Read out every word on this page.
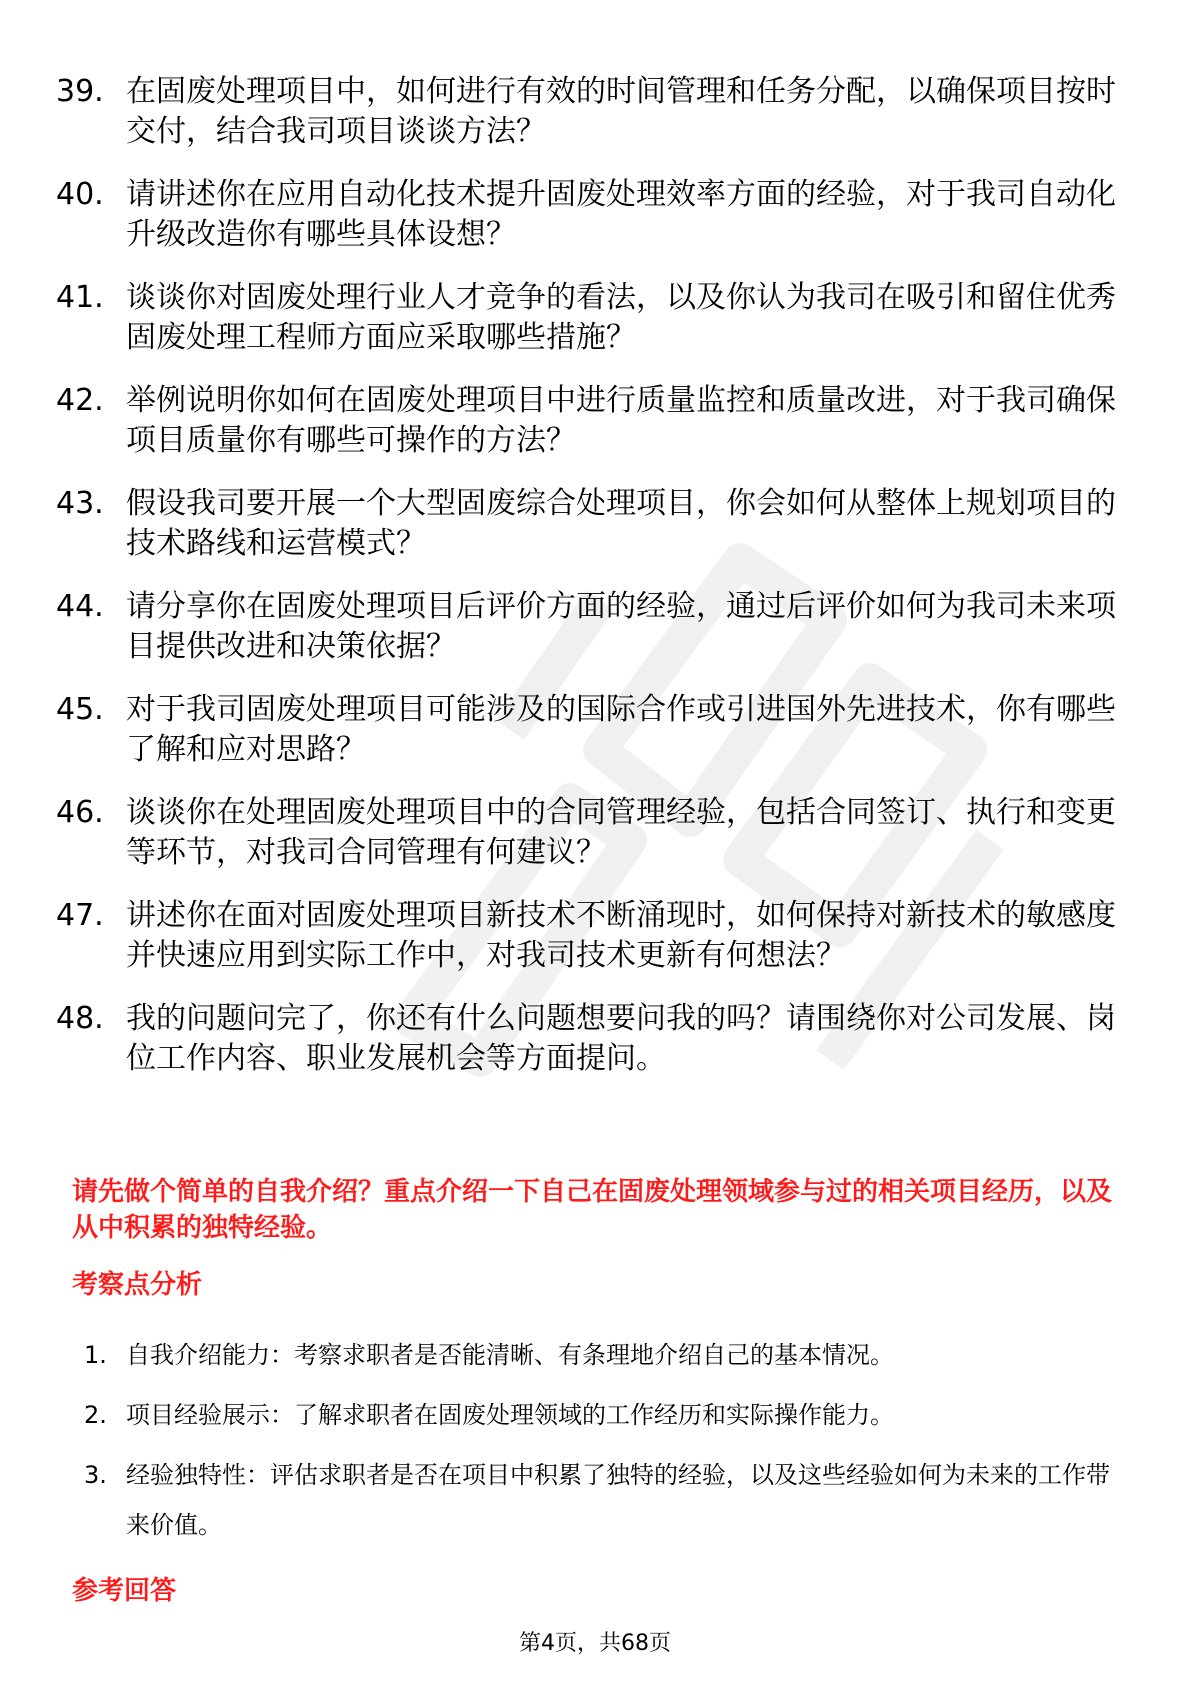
39. 在固废处理项目中，如何进行有效的时间管理和任务分配，以确保项目按时交付，结合我司项目谈谈方法？
40. 请讲述你在应用自动化技术提升固废处理效率方面的经验，对于我司自动化升级改造你有哪些具体设想？
41. 谈谈你对固废处理行业人才竞争的看法，以及你认为我司在吸引和留住优秀固废处理工程师方面应采取哪些措施？
42. 举例说明你如何在固废处理项目中进行质量监控和质量改进，对于我司确保项目质量你有哪些可操作的方法？
43. 假设我司要开展一个大型固废综合处理项目，你会如何从整体上规划项目的技术路线和运营模式？
44. 请分享你在固废处理项目后评价方面的经验，通过后评价如何为我司未来项目提供改进和决策依据？
45. 对于我司固废处理项目可能涉及的国际合作或引进国外先进技术，你有哪些了解和应对思路？
46. 谈谈你在处理固废处理项目中的合同管理经验，包括合同签订、执行和变更等环节，对我司合同管理有何建议？
47. 讲述你在面对固废处理项目新技术不断涌现时，如何保持对新技术的敏感度并快速应用到实际工作中，对我司技术更新有何想法？
48. 我的问题问完了，你还有什么问题想要问我的吗？请围绕你对公司发展、岗位工作内容、职业发展机会等方面提问。

请先做个简单的自我介绍？重点介绍一下自己在固废处理领域参与过的相关项目经历，以及从中积累的独特经验。

考察点分析

1. 自我介绍能力：考察求职者是否能清晰、有条理地介绍自己的基本情况。
2. 项目经验展示：了解求职者在固废处理领域的工作经历和实际操作能力。
3. 经验独特性：评估求职者是否在项目中积累了独特的经验，以及这些经验如何为未来的工作带来价值。

参考回答

第4页，共68页
